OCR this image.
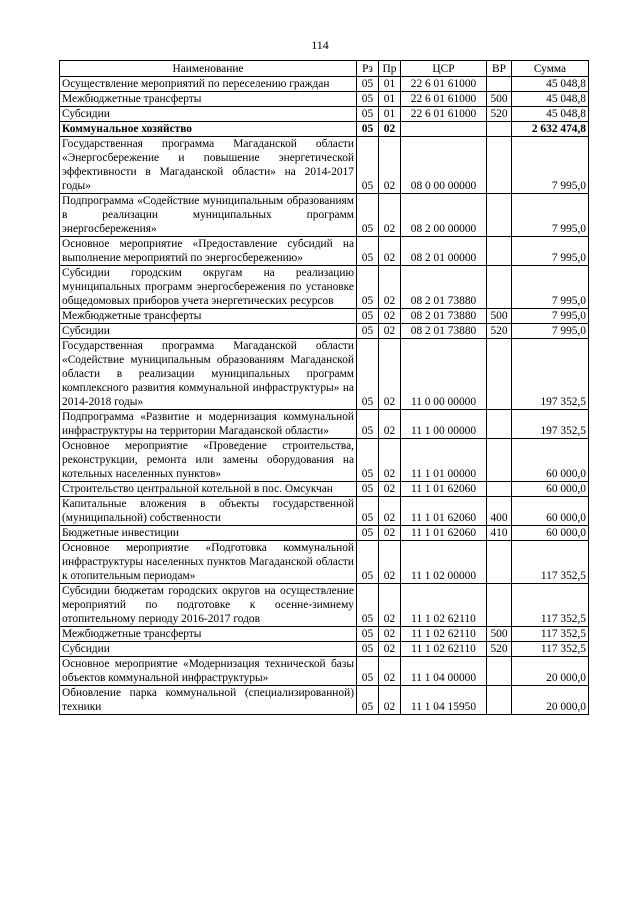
114
Наименование	Рз	Пр	ЦСР	ВР	Сумма
Осуществление мероприятий по переселению граждан	05	01	22 6 01 61000		45 048,8
Межбюджетные трансферты	05	01	22 6 01 61000	500	45 048,8
Субсидии	05	01	22 6 01 61000	520	45 048,8
Коммунальное хозяйство	05	02			2 632 474,8
Государственная программа Магаданской области «Энергосбережение и повышение энергетической эффективности в Магаданской области» на 2014-2017 годы»	05	02	08 0 00 00000		7 995,0
Подпрограмма «Содействие муниципальным образованиям в реализации муниципальных программ энергосбережения»	05	02	08 2 00 00000		7 995,0
Основное мероприятие «Предоставление субсидий на выполнение мероприятий по энергосбережению»	05	02	08 2 01 00000		7 995,0
Субсидии городским округам на реализацию муниципальных программ энергосбережения по установке общедомовых приборов учета энергетических ресурсов	05	02	08 2 01 73880		7 995,0
Межбюджетные трансферты	05	02	08 2 01 73880	500	7 995,0
Субсидии	05	02	08 2 01 73880	520	7 995,0
Государственная программа Магаданской области «Содействие муниципальным образованиям Магаданской области в реализации муниципальных программ комплексного развития коммунальной инфраструктуры» на 2014-2018 годы»	05	02	11 0 00 00000		197 352,5
Подпрограмма «Развитие и модернизация коммунальной инфраструктуры на территории Магаданской области»	05	02	11 1 00 00000		197 352,5
Основное мероприятие «Проведение строительства, реконструкции, ремонта или замены оборудования на котельных населенных пунктов»	05	02	11 1 01 00000		60 000,0
Строительство центральной котельной в пос. Омсукчан	05	02	11 1 01 62060		60 000,0
Капитальные вложения в объекты государственной (муниципальной) собственности	05	02	11 1 01 62060	400	60 000,0
Бюджетные инвестиции	05	02	11 1 01 62060	410	60 000,0
Основное мероприятие «Подготовка коммунальной инфраструктуры населенных пунктов Магаданской области к отопительным периодам»	05	02	11 1 02 00000		117 352,5
Субсидии бюджетам городских округов на осуществление мероприятий по подготовке к осенне-зимнему отопительному периоду 2016-2017 годов	05	02	11 1 02 62110		117 352,5
Межбюджетные трансферты	05	02	11 1 02 62110	500	117 352,5
Субсидии	05	02	11 1 02 62110	520	117 352,5
Основное мероприятие «Модернизация технической базы объектов коммунальной инфраструктуры»	05	02	11 1 04 00000		20 000,0
Обновление парка коммунальной (специализированной) техники	05	02	11 1 04 15950		20 000,0
